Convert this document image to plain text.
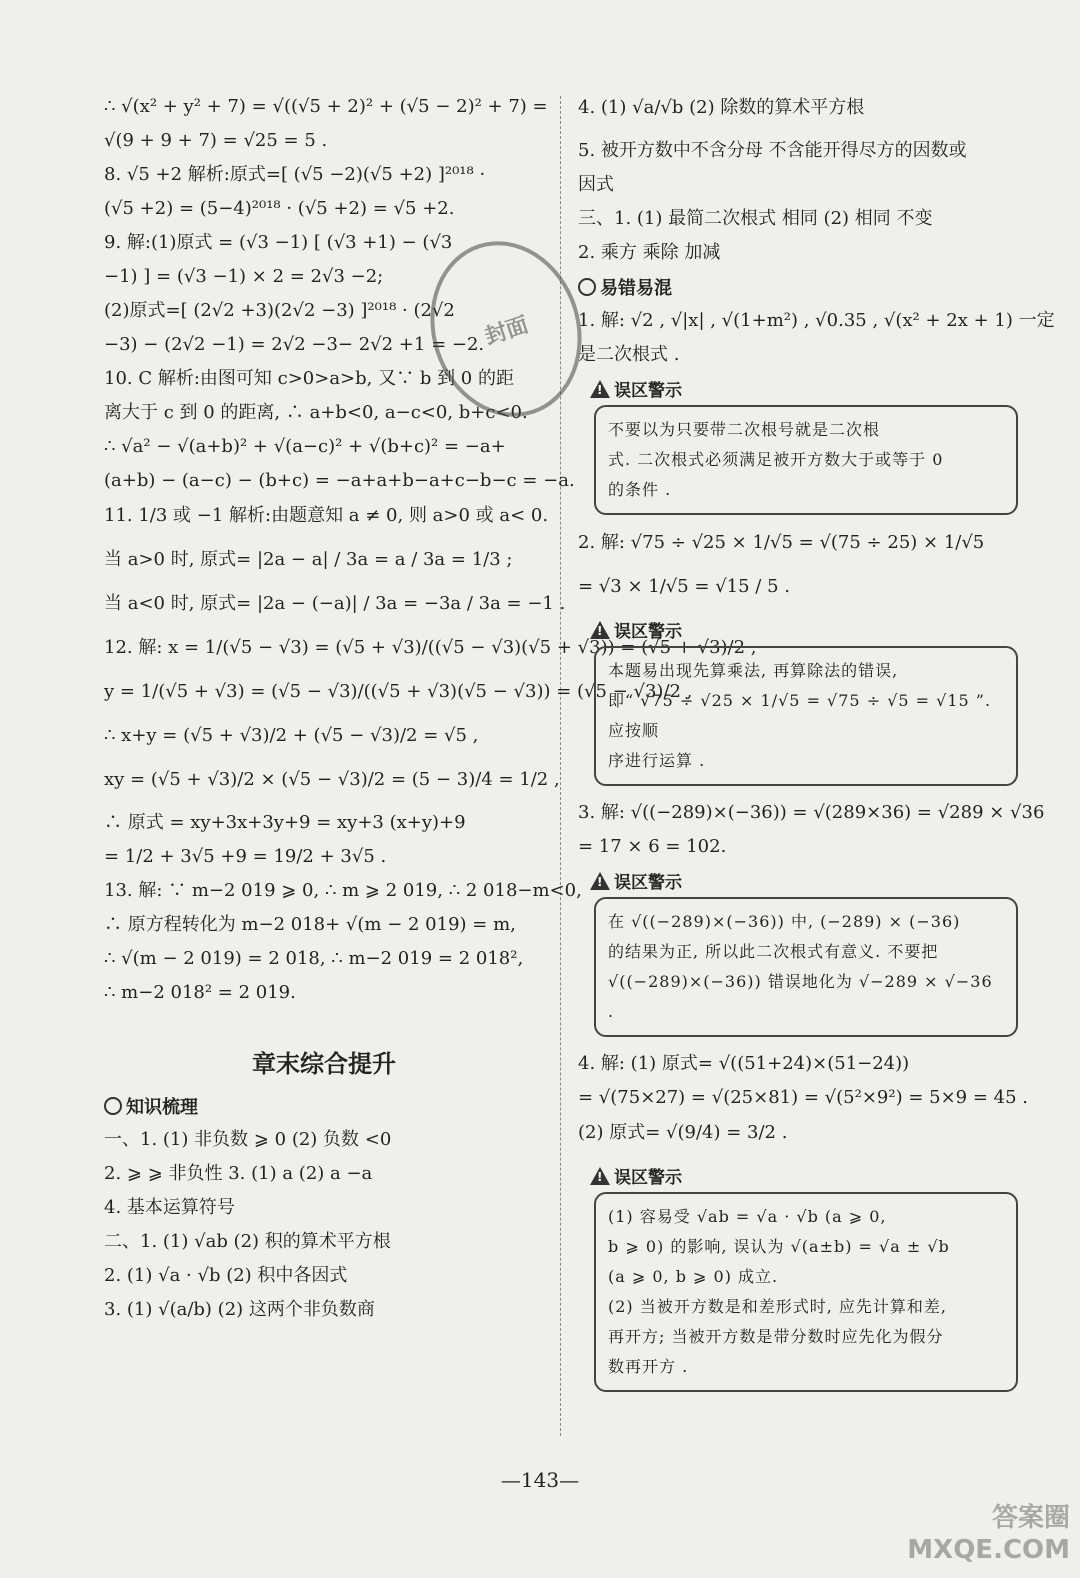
∴ √(x² + y² + 7) = √((√5 + 2)² + (√5 − 2)² + 7) =
√(9 + 9 + 7) = √25 = 5 .
8. √5 +2 解析:原式=[ (√5 −2)(√5 +2) ]²⁰¹⁸ ·
(√5 +2) = (5−4)²⁰¹⁸ · (√5 +2) = √5 +2.
9. 解:(1)原式 = (√3 −1) [ (√3 +1) − (√3
−1) ] = (√3 −1) × 2 = 2√3 −2;
(2)原式=[ (2√2 +3)(2√2 −3) ]²⁰¹⁸ · (2√2
−3) − (2√2 −1) = 2√2 −3− 2√2 +1 = −2.
10. C 解析:由图可知 c>0>a>b, 又∵ b 到 0 的距
离大于 c 到 0 的距离, ∴ a+b<0, a−c<0, b+c<0.
∴ √a² − √(a+b)² + √(a−c)² + √(b+c)² = −a+
(a+b) − (a−c) − (b+c) = −a+a+b−a+c−b−c = −a.
11. 1/3 或 −1 解析:由题意知 a ≠ 0, 则 a>0 或 a< 0.
当 a>0 时, 原式= |2a − a| / 3a = a / 3a = 1/3 ;
当 a<0 时, 原式= |2a − (−a)| / 3a = −3a / 3a = −1 .
12. 解: x = 1/(√5 − √3) = (√5 + √3)/((√5 − √3)(√5 + √3)) = (√5 + √3)/2 ,
y = 1/(√5 + √3) = (√5 − √3)/((√5 + √3)(√5 − √3)) = (√5 − √3)/2 ,
∴ x+y = (√5 + √3)/2 + (√5 − √3)/2 = √5 ,
xy = (√5 + √3)/2 × (√5 − √3)/2 = (5 − 3)/4 = 1/2 ,
∴ 原式 = xy+3x+3y+9 = xy+3 (x+y)+9
= 1/2 + 3√5 +9 = 19/2 + 3√5 .
13. 解: ∵ m−2 019 ⩾ 0, ∴ m ⩾ 2 019, ∴ 2 018−m<0,
∴ 原方程转化为 m−2 018+ √(m − 2 019) = m,
∴ √(m − 2 019) = 2 018, ∴ m−2 019 = 2 018²,
∴ m−2 018² = 2 019.
章末综合提升
知识梳理
一、1. (1) 非负数 ⩾ 0 (2) 负数 <0
2. ⩾ ⩾ 非负性 3. (1) a (2) a −a
4. 基本运算符号
二、1. (1) √ab (2) 积的算术平方根
2. (1) √a · √b (2) 积中各因式
3. (1) √(a/b) (2) 这两个非负数商
4. (1) √a/√b (2) 除数的算术平方根
5. 被开方数中不含分母 不含能开得尽方的因数或
因式
三、1. (1) 最简二次根式 相同 (2) 相同 不变
2. 乘方 乘除 加减
易错易混
1. 解: √2 , √|x| , √(1+m²) , √0.35 , √(x² + 2x + 1) 一定
是二次根式 .
!误区警示

不要以为只要带二次根号就是二次根

式. 二次根式必须满足被开方数大于或等于 0

的条件 .

2. 解: √75 ÷ √25 × 1/√5 = √(75 ÷ 25) × 1/√5
= √3 × 1/√5 = √15 / 5 .
!误区警示

本题易出现先算乘法, 再算除法的错误,

即“ √75 ÷ √25 × 1/√5 = √75 ÷ √5 = √15 ”. 应按顺

序进行运算 .

3. 解: √((−289)×(−36)) = √(289×36) = √289 × √36
= 17 × 6 = 102.
!误区警示

在 √((−289)×(−36)) 中, (−289) × (−36)

的结果为正, 所以此二次根式有意义. 不要把

√((−289)×(−36)) 错误地化为 √−289 × √−36 .

4. 解: (1) 原式= √((51+24)×(51−24))
= √(75×27) = √(25×81) = √(5²×9²) = 5×9 = 45 .
(2) 原式= √(9/4) = 3/2 .
!误区警示

(1) 容易受 √ab = √a · √b (a ⩾ 0,

b ⩾ 0) 的影响, 误认为 √(a±b) = √a ± √b

(a ⩾ 0, b ⩾ 0) 成立.

(2) 当被开方数是和差形式时, 应先计算和差,

再开方; 当被开方数是带分数时应先化为假分

数再开方 .

封面
—143—
答案圈 MXQE.COM
